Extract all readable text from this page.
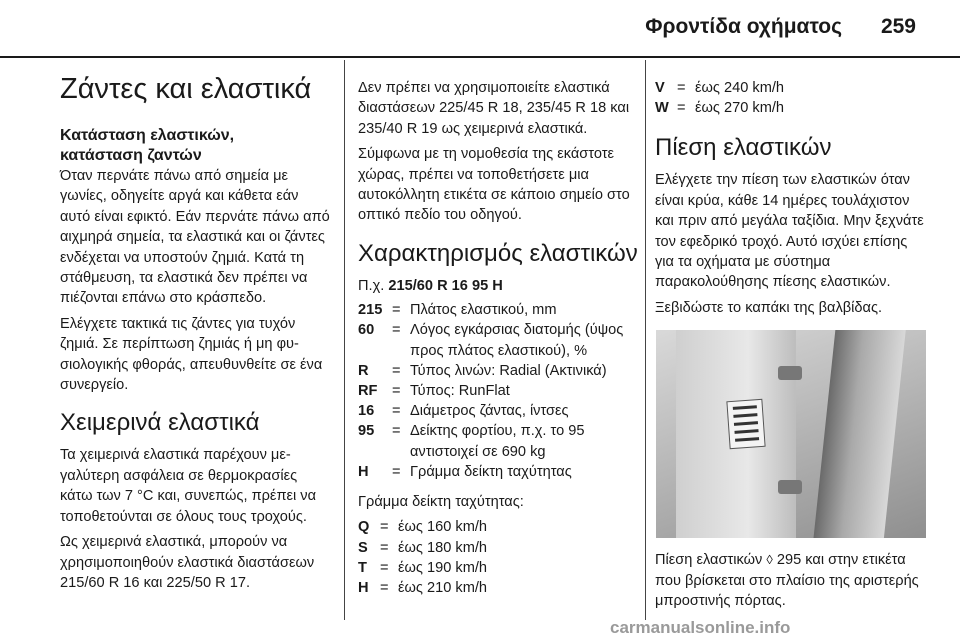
Φροντίδα οχήματος 259
Ζάντες και ελαστικά
Κατάσταση ελαστικών,
κατάσταση ζαντών

Όταν περνάτε πάνω από σημεία με γωνίες, οδηγείτε αργά και κάθετα εάν αυτό είναι εφικτό. Εάν περνάτε πάνω από αιχμηρά σημεία, τα ελαστικά και οι ζάντες ενδέχεται να υποστούν ζημιά. Κατά τη στάθμευση, τα ελαστικά δεν πρέπει να πιέζονται επάνω στο κράσπεδο.

Ελέγχετε τακτικά τις ζάντες για τυχόν ζημιά. Σε περίπτωση ζημιάς ή μη φυσιολογικής φθοράς, απευθυνθείτε σε ένα συνεργείο.

Χειμερινά ελαστικά

Τα χειμερινά ελαστικά παρέχουν μεγαλύτερη ασφάλεια σε θερμοκρασίες κάτω των 7 °C και, συνεπώς, πρέπει να τοποθετούνται σε όλους τους τροχούς.

Ως χειμερινά ελαστικά, μπορούν να χρησιμοποιηθούν ελαστικά διαστάσεων 215/60 R 16 και 225/50 R 17.

Δεν πρέπει να χρησιμοποιείτε ελαστικά διαστάσεων 225/45 R 18, 235/45 R 18 και 235/40 R 19 ως χειμερινά ελαστικά.

Σύμφωνα με τη νομοθεσία της εκάστοτε χώρας, πρέπει να τοποθετήσετε μια αυτοκόλλητη ετικέτα σε κάποιο σημείο στο οπτικό πεδίο του οδηγού.

Χαρακτηρισμός ελαστικών

Π.χ. 215/60 R 16 95 H

215 = Πλάτος ελαστικού, mm
60	= Λόγος εγκάρσιας διατομής (ύψος προς πλάτος ελαστικού), %
R	= Τύπος λινών: Radial (Ακτινικά)
RF = Τύπος: RunFlat
16	= Διάμετρος ζάντας, ίντσες
95	= Δείκτης φορτίου, π.χ. το 95 αντιστοιχεί σε 690 kg
H	= Γράμμα δείκτη ταχύτητας

Γράμμα δείκτη ταχύτητας:

Q = έως 160 km/h
S = έως 180 km/h
T = έως 190 km/h
H = έως 210 km/h
V = έως 240 km/h
W = έως 270 km/h
Πίεση ελαστικών

Ελέγχετε την πίεση των ελαστικών όταν είναι κρύα, κάθε 14 ημέρες τουλάχιστον και πριν από μεγάλα ταξίδια. Μην ξεχνάτε τον εφεδρικό τροχό. Αυτό ισχύει επίσης για τα οχήματα με σύστημα παρακολούθησης πίεσης ελαστικών.

Ξεβιδώστε το καπάκι της βαλβίδας.

Πίεση ελαστικών ◊ 295 και στην ετικέτα που βρίσκεται στο πλαίσιο της αριστερής μπροστινής πόρτας.

carmanualsonline.info
